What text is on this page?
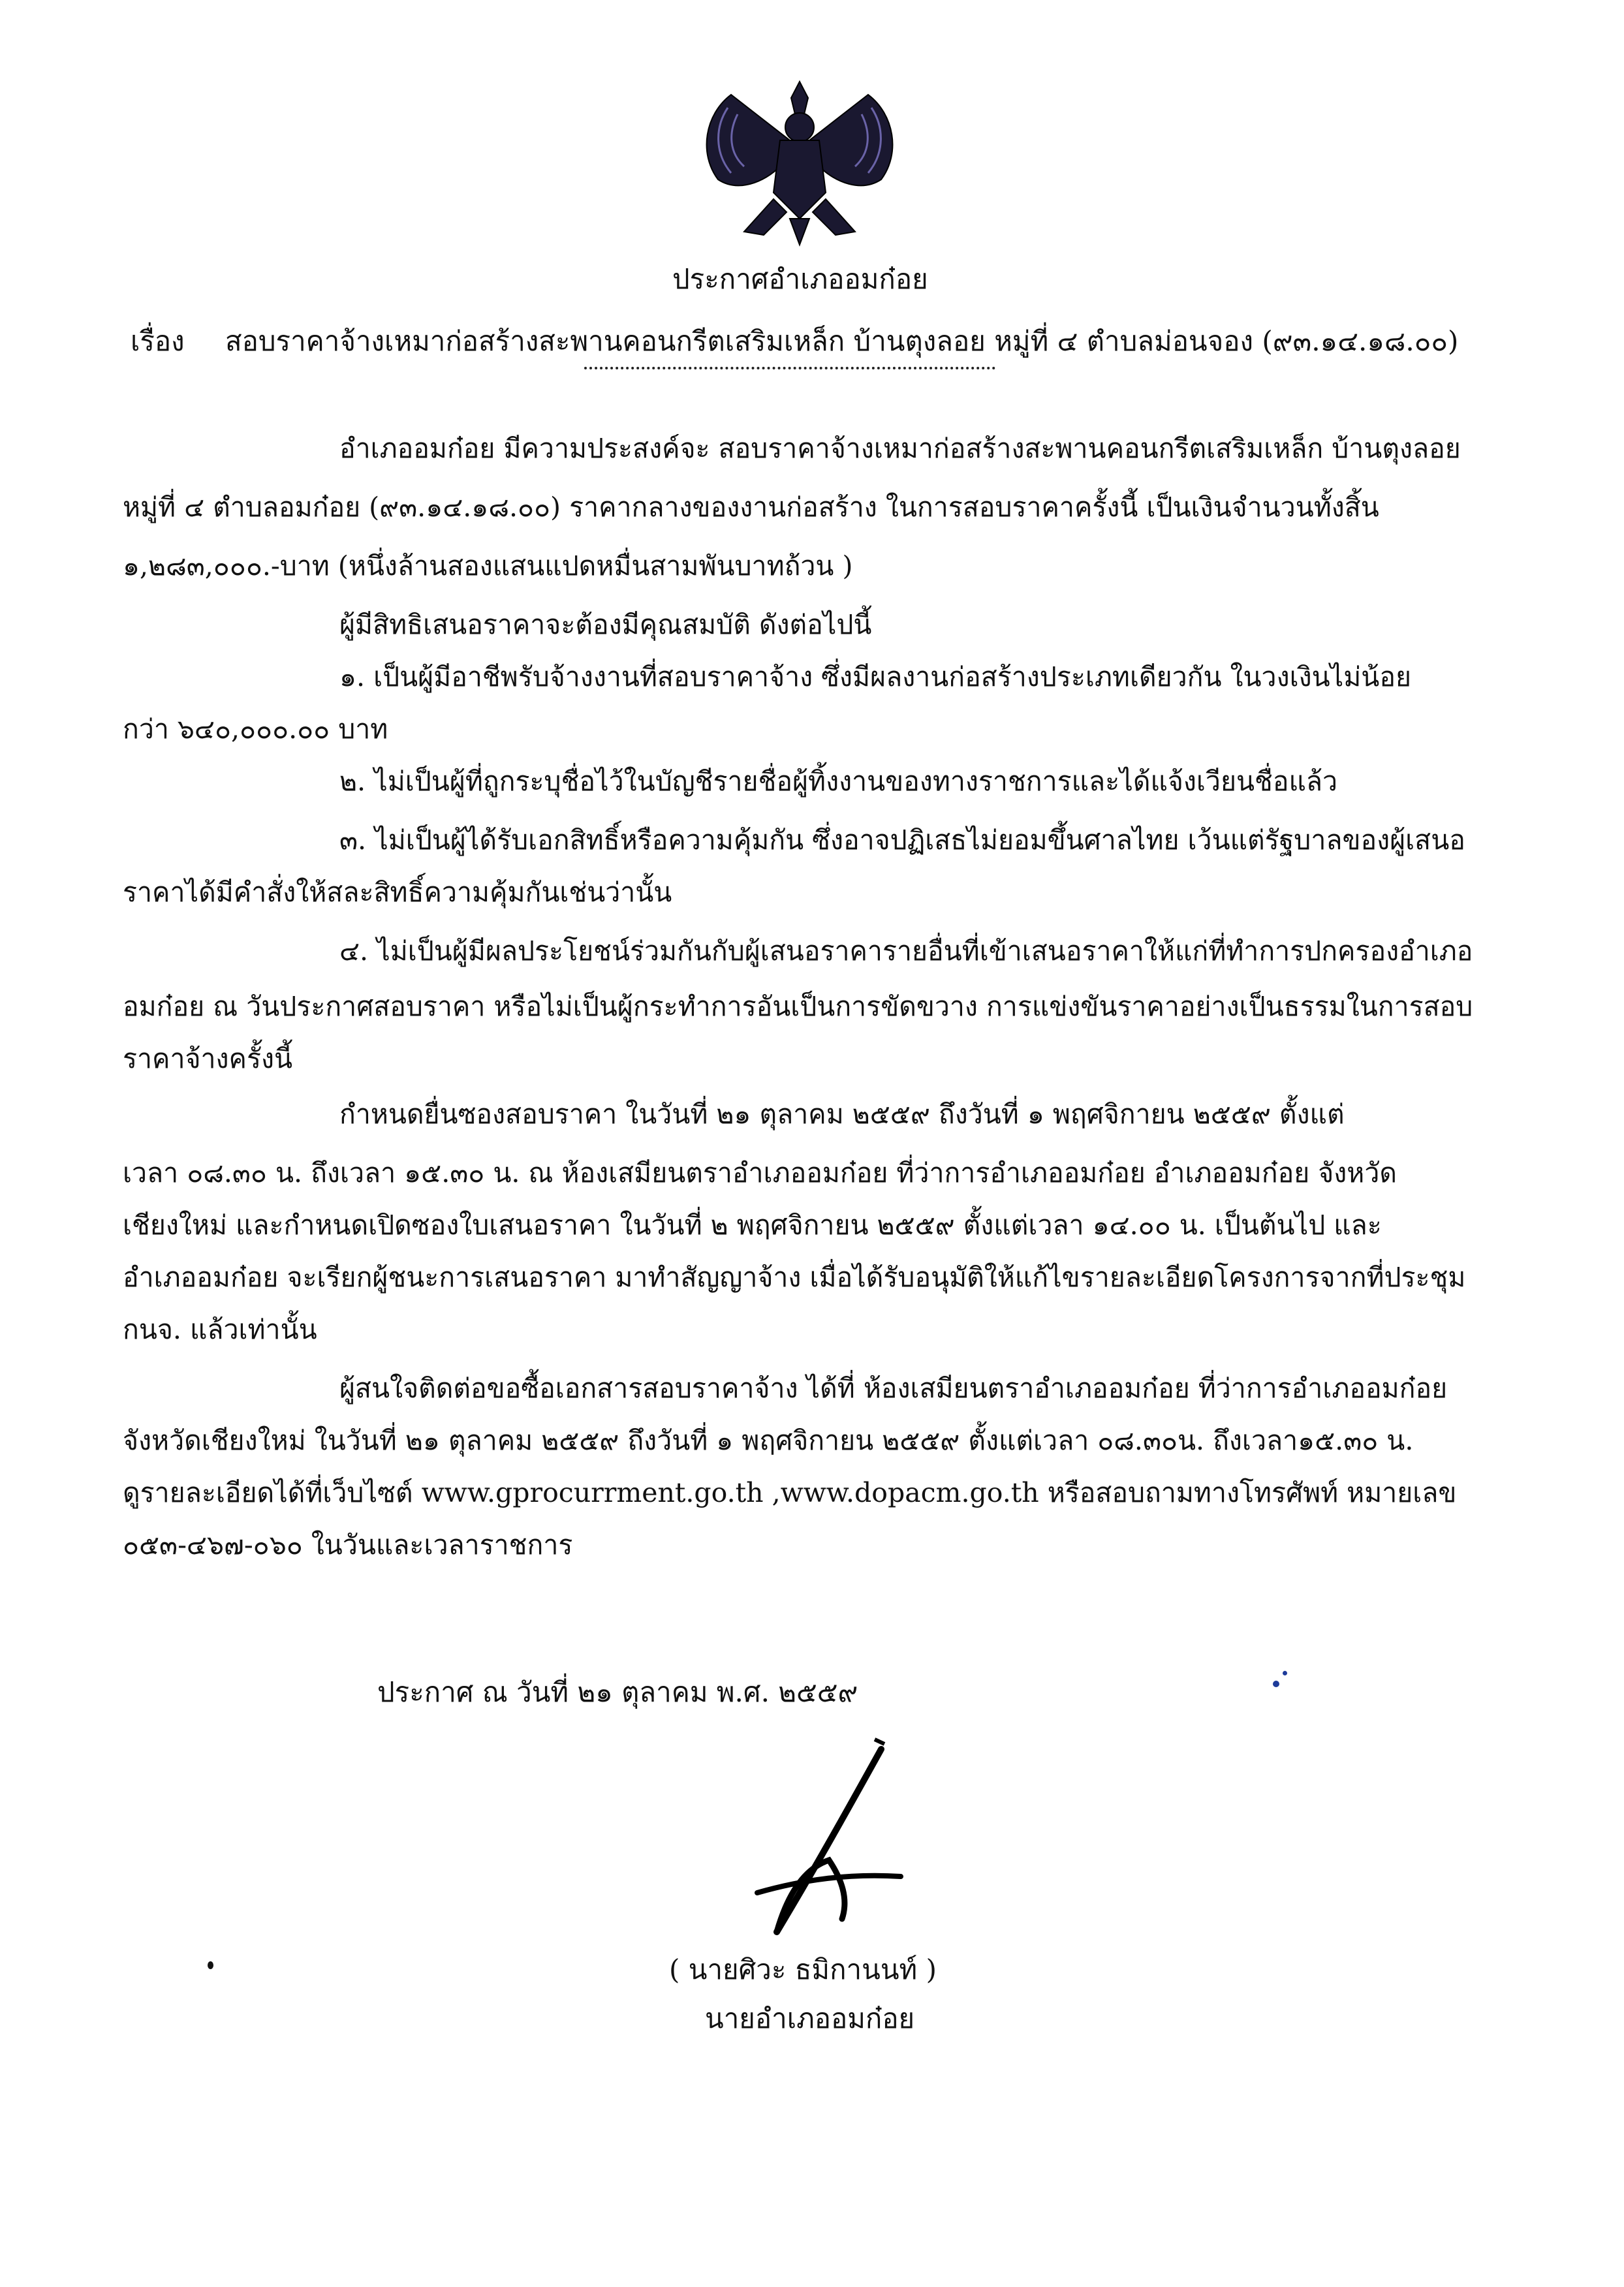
ประกาศอำเภออมก๋อย
เรื่อง สอบราคาจ้างเหมาก่อสร้างสะพานคอนกรีตเสริมเหล็ก บ้านตุงลอย หมู่ที่ ๔ ตำบลม่อนจอง (๙๓.๑๔.๑๘.๐๐)
อำเภออมก๋อย มีความประสงค์จะ สอบราคาจ้างเหมาก่อสร้างสะพานคอนกรีตเสริมเหล็ก บ้านตุงลอย
หมู่ที่ ๔ ตำบลอมก๋อย (๙๓.๑๔.๑๘.๐๐) ราคากลางของงานก่อสร้าง ในการสอบราคาครั้งนี้ เป็นเงินจำนวนทั้งสิ้น
๑,๒๘๓,๐๐๐.-บาท (หนึ่งล้านสองแสนแปดหมื่นสามพันบาทถ้วน )
ผู้มีสิทธิเสนอราคาจะต้องมีคุณสมบัติ ดังต่อไปนี้
๑. เป็นผู้มีอาชีพรับจ้างงานที่สอบราคาจ้าง ซึ่งมีผลงานก่อสร้างประเภทเดียวกัน ในวงเงินไม่น้อย
กว่า ๖๔๐,๐๐๐.๐๐ บาท
๒. ไม่เป็นผู้ที่ถูกระบุชื่อไว้ในบัญชีรายชื่อผู้ทิ้งงานของทางราชการและได้แจ้งเวียนชื่อแล้ว
๓. ไม่เป็นผู้ได้รับเอกสิทธิ์หรือความคุ้มกัน ซึ่งอาจปฏิเสธไม่ยอมขึ้นศาลไทย เว้นแต่รัฐบาลของผู้เสนอ
ราคาได้มีคำสั่งให้สละสิทธิ์ความคุ้มกันเช่นว่านั้น
๔. ไม่เป็นผู้มีผลประโยชน์ร่วมกันกับผู้เสนอราคารายอื่นที่เข้าเสนอราคาให้แก่ที่ทำการปกครองอำเภอ
อมก๋อย ณ วันประกาศสอบราคา หรือไม่เป็นผู้กระทำการอันเป็นการขัดขวาง การแข่งขันราคาอย่างเป็นธรรมในการสอบ
ราคาจ้างครั้งนี้
กำหนดยื่นซองสอบราคา ในวันที่ ๒๑ ตุลาคม ๒๕๕๙ ถึงวันที่ ๑ พฤศจิกายน ๒๕๕๙ ตั้งแต่
เวลา ๐๘.๓๐ น. ถึงเวลา ๑๕.๓๐ น. ณ ห้องเสมียนตราอำเภออมก๋อย ที่ว่าการอำเภออมก๋อย อำเภออมก๋อย จังหวัด
เชียงใหม่ และกำหนดเปิดซองใบเสนอราคา ในวันที่ ๒ พฤศจิกายน ๒๕๕๙ ตั้งแต่เวลา ๑๔.๐๐ น. เป็นต้นไป และ
อำเภออมก๋อย จะเรียกผู้ชนะการเสนอราคา มาทำสัญญาจ้าง เมื่อได้รับอนุมัติให้แก้ไขรายละเอียดโครงการจากที่ประชุม
กนจ. แล้วเท่านั้น
ผู้สนใจติดต่อขอซื้อเอกสารสอบราคาจ้าง ได้ที่ ห้องเสมียนตราอำเภออมก๋อย ที่ว่าการอำเภออมก๋อย
จังหวัดเชียงใหม่ ในวันที่ ๒๑ ตุลาคม ๒๕๕๙ ถึงวันที่ ๑ พฤศจิกายน ๒๕๕๙ ตั้งแต่เวลา ๐๘.๓๐น. ถึงเวลา๑๕.๓๐ น.
ดูรายละเอียดได้ที่เว็บไซต์ www.gprocurrment.go.th ,www.dopacm.go.th หรือสอบถามทางโทรศัพท์ หมายเลข
๐๕๓-๔๖๗-๐๖๐ ในวันและเวลาราชการ
ประกาศ ณ วันที่ ๒๑ ตุลาคม พ.ศ. ๒๕๕๙
( นายศิวะ ธมิกานนท์ )
นายอำเภออมก๋อย
